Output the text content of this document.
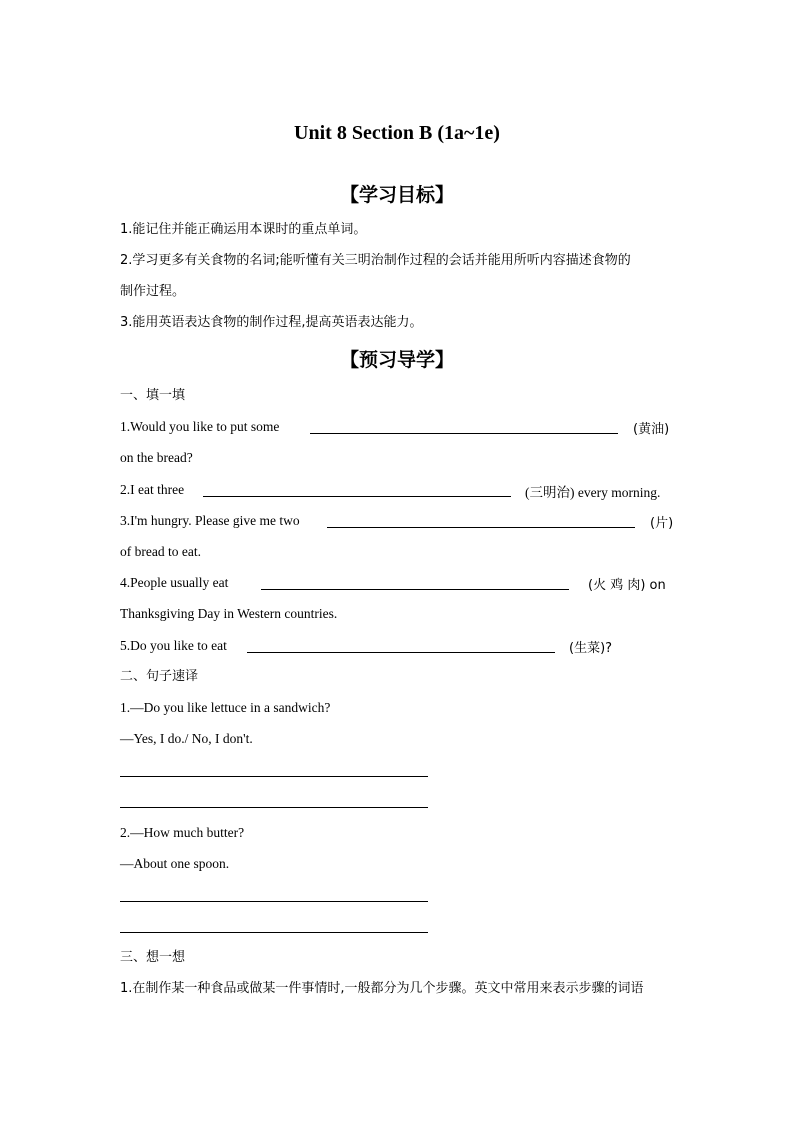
Unit 8 Section B (1a~1e)
【学习目标】
1.能记住并能正确运用本课时的重点单词。
2.学习更多有关食物的名词;能听懂有关三明治制作过程的会话并能用所听内容描述食物的
制作过程。
3.能用英语表达食物的制作过程,提高英语表达能力。
【预习导学】
一、填一填
1.Would you like to put some	(黄油)
on the bread?
2.I eat three	(三明治) every morning.
3.I'm hungry. Please give me two	(片)
of bread to eat.
4.People usually eat	(火 鸡 肉) on
Thanksgiving Day in Western countries.
5.Do you like to eat	(生菜)?
二、句子速译
1.—Do you like lettuce in a sandwich?
—Yes, I do./ No, I don't.
2.—How much butter?
—About one spoon.
三、想一想
1.在制作某一种食品或做某一件事情时,一般都分为几个步骤。英文中常用来表示步骤的词语
